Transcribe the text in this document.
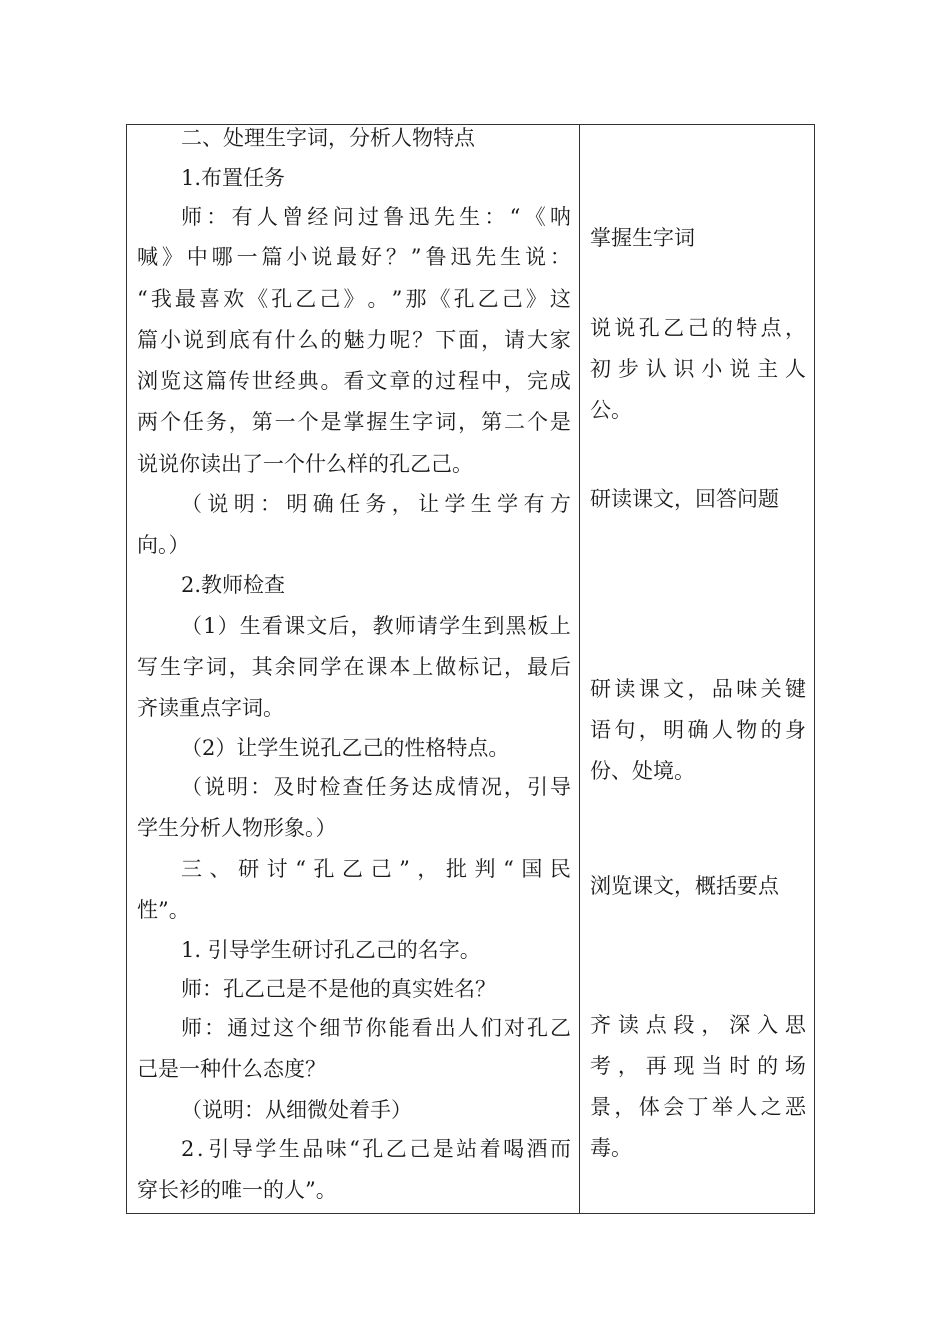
二、处理生字词，分析人物特点
1.布置任务
师 ： 有 人 曾 经 问 过 鲁 迅 先 生 ： “ 《 呐
喊 》 中 哪 一 篇 小 说 最 好 ？ ” 鲁 迅 先 生 说 ：
“ 我 最 喜 欢 《 孔 乙 己 》 。 ” 那 《 孔 乙 己 》 这
篇 小 说 到 底 有 什 么 的 魅 力 呢 ？ 下 面 ， 请 大 家
浏 览 这 篇 传 世 经 典 。 看 文 章 的 过 程 中 ， 完 成
两 个 任 务 ， 第 一 个 是 掌 握 生 字 词 ， 第 二 个 是
说说你读出了一个什么样的孔乙己。
（ 说 明 ： 明 确 任 务 ， 让 学 生 学 有 方
向。）
2.教师检查
（ 1 ） 生 看 课 文 后 ， 教 师 请 学 生 到 黑 板 上
写 生 字 词 ， 其 余 同 学 在 课 本 上 做 标 记 ， 最 后
齐读重点字词。
（2）让学生说孔乙己的性格特点。
（ 说 明 ： 及 时 检 查 任 务 达 成 情 况 ， 引 导
学生分析人物形象。）
三 、 研 讨 “ 孔 乙 己 ” ， 批 判 “ 国 民
性”。
1. 引导学生研讨孔乙己的名字。
师：孔乙己是不是他的真实姓名？
师 ： 通 过 这 个 细 节 你 能 看 出 人 们 对 孔 乙
己是一种什么态度？
（说明：从细微处着手）
2 . 引 导 学 生 品 味 “ 孔 乙 己 是 站 着 喝 酒 而
穿长衫的唯一的人”。
掌握生字词
说 说 孔 乙 己 的 特 点 ，
初 步 认 识 小 说 主 人
公。
研读课文，回答问题
研 读 课 文 ， 品 味 关 键
语 句 ， 明 确 人 物 的 身
份、处境。
浏览课文，概括要点
齐 读 点 段 ， 深 入 思
考 ， 再 现 当 时 的 场
景 ， 体 会 丁 举 人 之 恶
毒。
